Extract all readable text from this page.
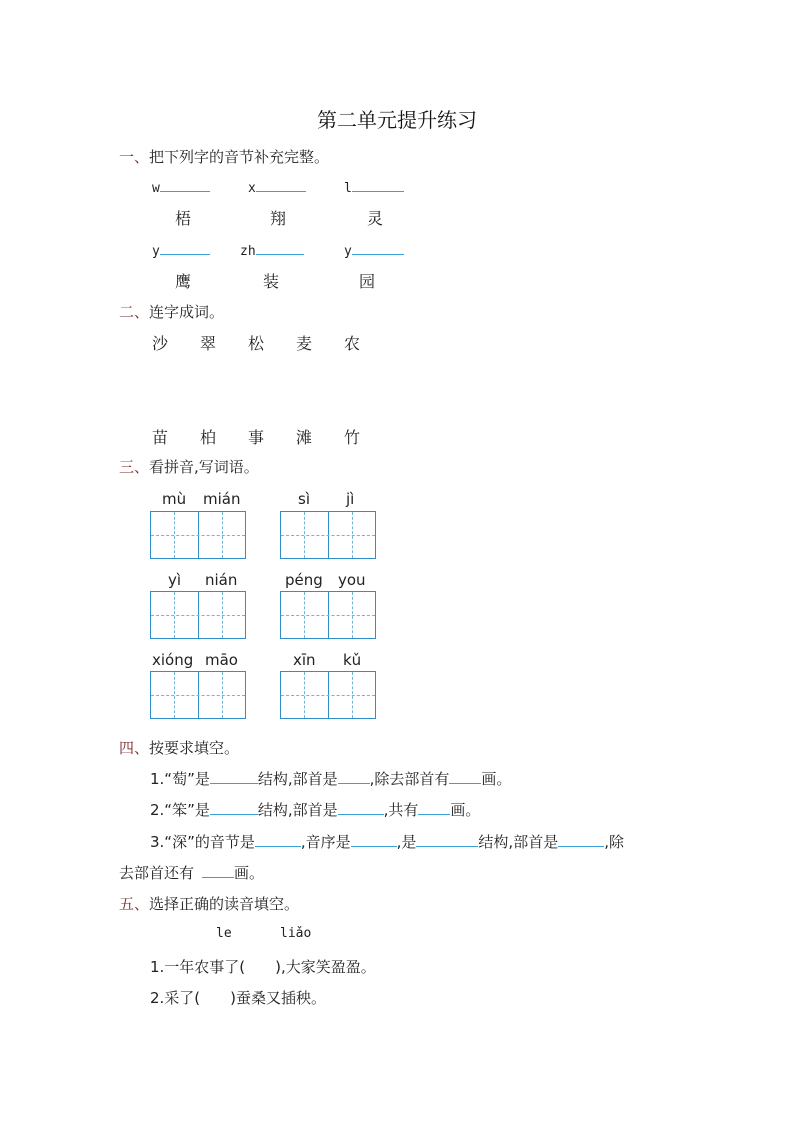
第二单元提升练习
一、把下列字的音节补充完整。
w	x	l
梧	翔	灵
y	zh	y
鹰	装	园
二、连字成词。
沙 翠 松 麦 农
苗 柏 事 滩 竹
三、看拼音,写词语。
mù mián	sì jì
yì nián	péng you
xióng māo	xīn kǔ
四、按要求填空。
1.“萄”是	结构,部首是 ,除去部首有 画。
2.“笨”是	结构,部首是	,共有 画。
3.“深”的音节是	,音序是	,是	结构,部首是	,除
去部首还有	画。
五、选择正确的读音填空。
le	liǎo
1.一年农事了( ),大家笑盈盈。
2.采了( )蚕桑又插秧。
